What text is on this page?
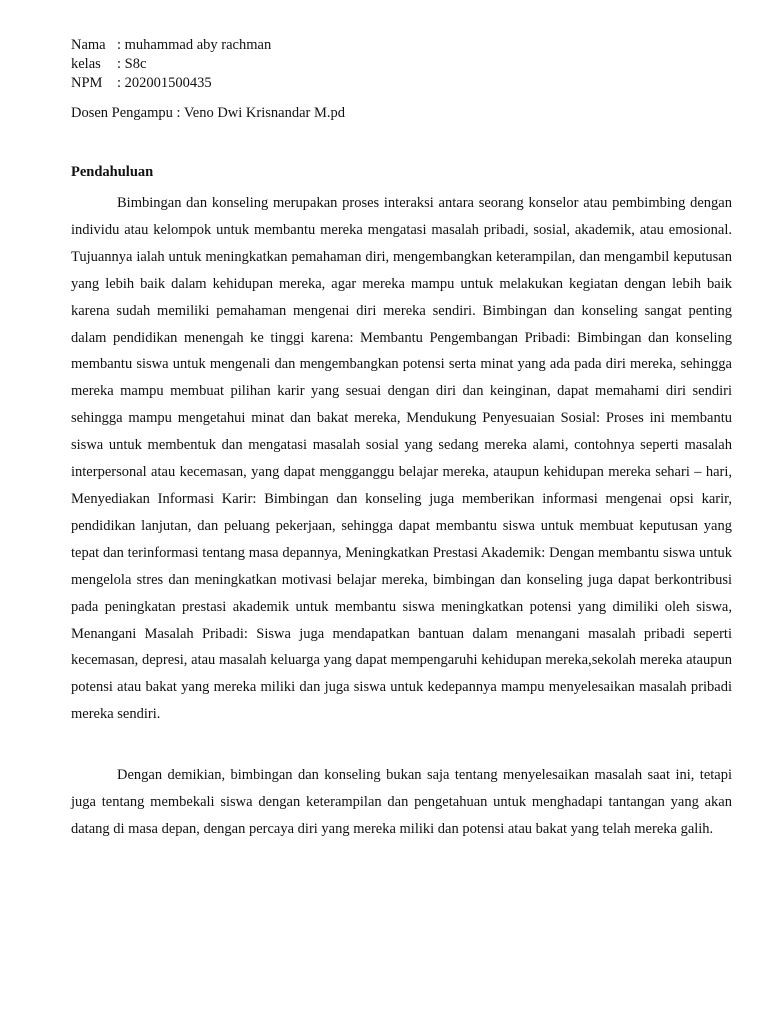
Nama : muhammad aby rachman
kelas	: S8c
NPM	: 202001500435
Dosen Pengampu : Veno Dwi Krisnandar M.pd
Pendahuluan

Bimbingan dan konseling merupakan proses interaksi antara seorang konselor atau pembimbing dengan individu atau kelompok untuk membantu mereka mengatasi masalah pribadi, sosial, akademik, atau emosional. Tujuannya ialah untuk meningkatkan pemahaman diri, mengembangkan keterampilan, dan mengambil keputusan yang lebih baik dalam kehidupan mereka, agar mereka mampu untuk melakukan kegiatan dengan lebih baik karena sudah memiliki pemahaman mengenai diri mereka sendiri. Bimbingan dan konseling sangat penting dalam pendidikan menengah ke tinggi karena: Membantu Pengembangan Pribadi: Bimbingan dan konseling membantu siswa untuk mengenali dan mengembangkan potensi serta minat yang ada pada diri mereka, sehingga mereka mampu membuat pilihan karir yang sesuai dengan diri dan keinginan, dapat memahami diri sendiri sehingga mampu mengetahui minat dan bakat mereka, Mendukung Penyesuaian Sosial: Proses ini membantu siswa untuk membentuk dan mengatasi masalah sosial yang sedang mereka alami, contohnya seperti masalah interpersonal atau kecemasan, yang dapat mengganggu belajar mereka, ataupun kehidupan mereka sehari – hari, Menyediakan Informasi Karir: Bimbingan dan konseling juga memberikan informasi mengenai opsi karir, pendidikan lanjutan, dan peluang pekerjaan, sehingga dapat membantu siswa untuk membuat keputusan yang tepat dan terinformasi tentang masa depannya, Meningkatkan Prestasi Akademik: Dengan membantu siswa untuk mengelola stres dan meningkatkan motivasi belajar mereka, bimbingan dan konseling juga dapat berkontribusi pada peningkatan prestasi akademik untuk membantu siswa meningkatkan potensi yang dimiliki oleh siswa, Menangani Masalah Pribadi: Siswa juga mendapatkan bantuan dalam menangani masalah pribadi seperti kecemasan, depresi, atau masalah keluarga yang dapat mempengaruhi kehidupan mereka,sekolah mereka ataupun potensi atau bakat yang mereka miliki dan juga siswa untuk kedepannya mampu menyelesaikan masalah pribadi mereka sendiri.

Dengan demikian, bimbingan dan konseling bukan saja tentang menyelesaikan masalah saat ini, tetapi juga tentang membekali siswa dengan keterampilan dan pengetahuan untuk menghadapi tantangan yang akan datang di masa depan, dengan percaya diri yang mereka miliki dan potensi atau bakat yang telah mereka galih.
